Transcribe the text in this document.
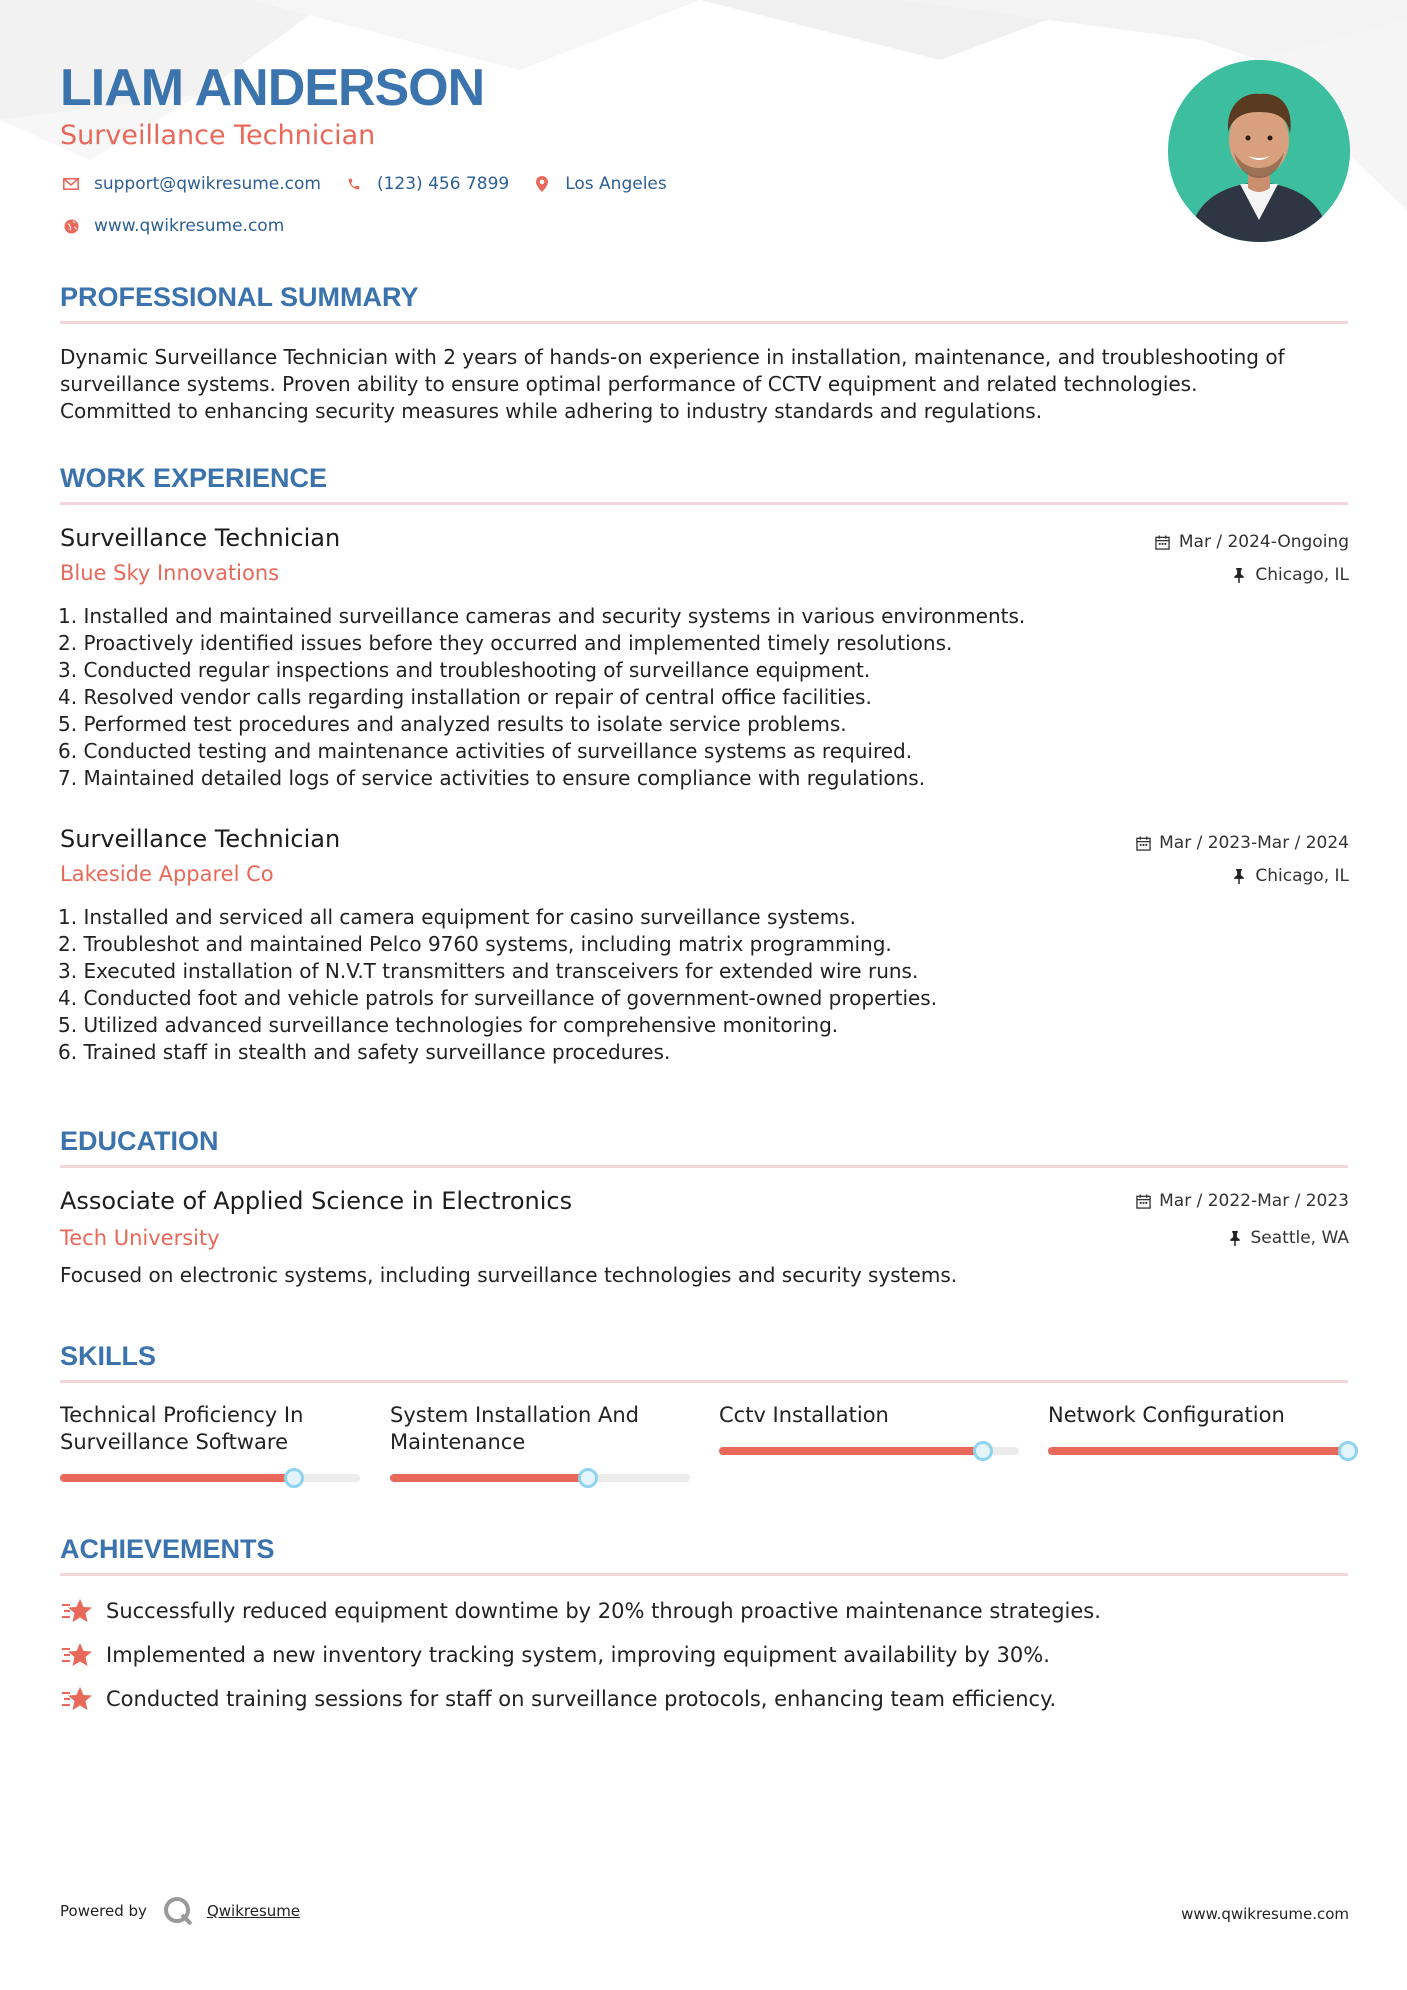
LIAM ANDERSON
Surveillance Technician
support@qwikresume.com	(123) 456 7899	Los Angeles
www.qwikresume.com
PROFESSIONAL SUMMARY
Dynamic Surveillance Technician with 2 years of hands-on experience in installation, maintenance, and troubleshooting of
surveillance systems. Proven ability to ensure optimal performance of CCTV equipment and related technologies.
Committed to enhancing security measures while adhering to industry standards and regulations.
WORK EXPERIENCE
Surveillance Technician	Mar / 2024-Ongoing
Blue Sky Innovations	Chicago, IL
1. Installed and maintained surveillance cameras and security systems in various environments.
2. Proactively identified issues before they occurred and implemented timely resolutions.
3. Conducted regular inspections and troubleshooting of surveillance equipment.
4. Resolved vendor calls regarding installation or repair of central office facilities.
5. Performed test procedures and analyzed results to isolate service problems.
6. Conducted testing and maintenance activities of surveillance systems as required.
7. Maintained detailed logs of service activities to ensure compliance with regulations.
Surveillance Technician	Mar / 2023-Mar / 2024
Lakeside Apparel Co	Chicago, IL
1. Installed and serviced all camera equipment for casino surveillance systems.
2. Troubleshot and maintained Pelco 9760 systems, including matrix programming.
3. Executed installation of N.V.T transmitters and transceivers for extended wire runs.
4. Conducted foot and vehicle patrols for surveillance of government-owned properties.
5. Utilized advanced surveillance technologies for comprehensive monitoring.
6. Trained staff in stealth and safety surveillance procedures.
EDUCATION
Associate of Applied Science in Electronics	Mar / 2022-Mar / 2023
Tech University	Seattle, WA
Focused on electronic systems, including surveillance technologies and security systems.
SKILLS
Technical Proficiency In
Surveillance Software
System Installation And
Maintenance
Cctv Installation	Network Configuration
ACHIEVEMENTS
Successfully reduced equipment downtime by 20% through proactive maintenance strategies.
Implemented a new inventory tracking system, improving equipment availability by 30%.
Conducted training sessions for staff on surveillance protocols, enhancing team efficiency.
Powered by	Qwikresume	www.qwikresume.com
